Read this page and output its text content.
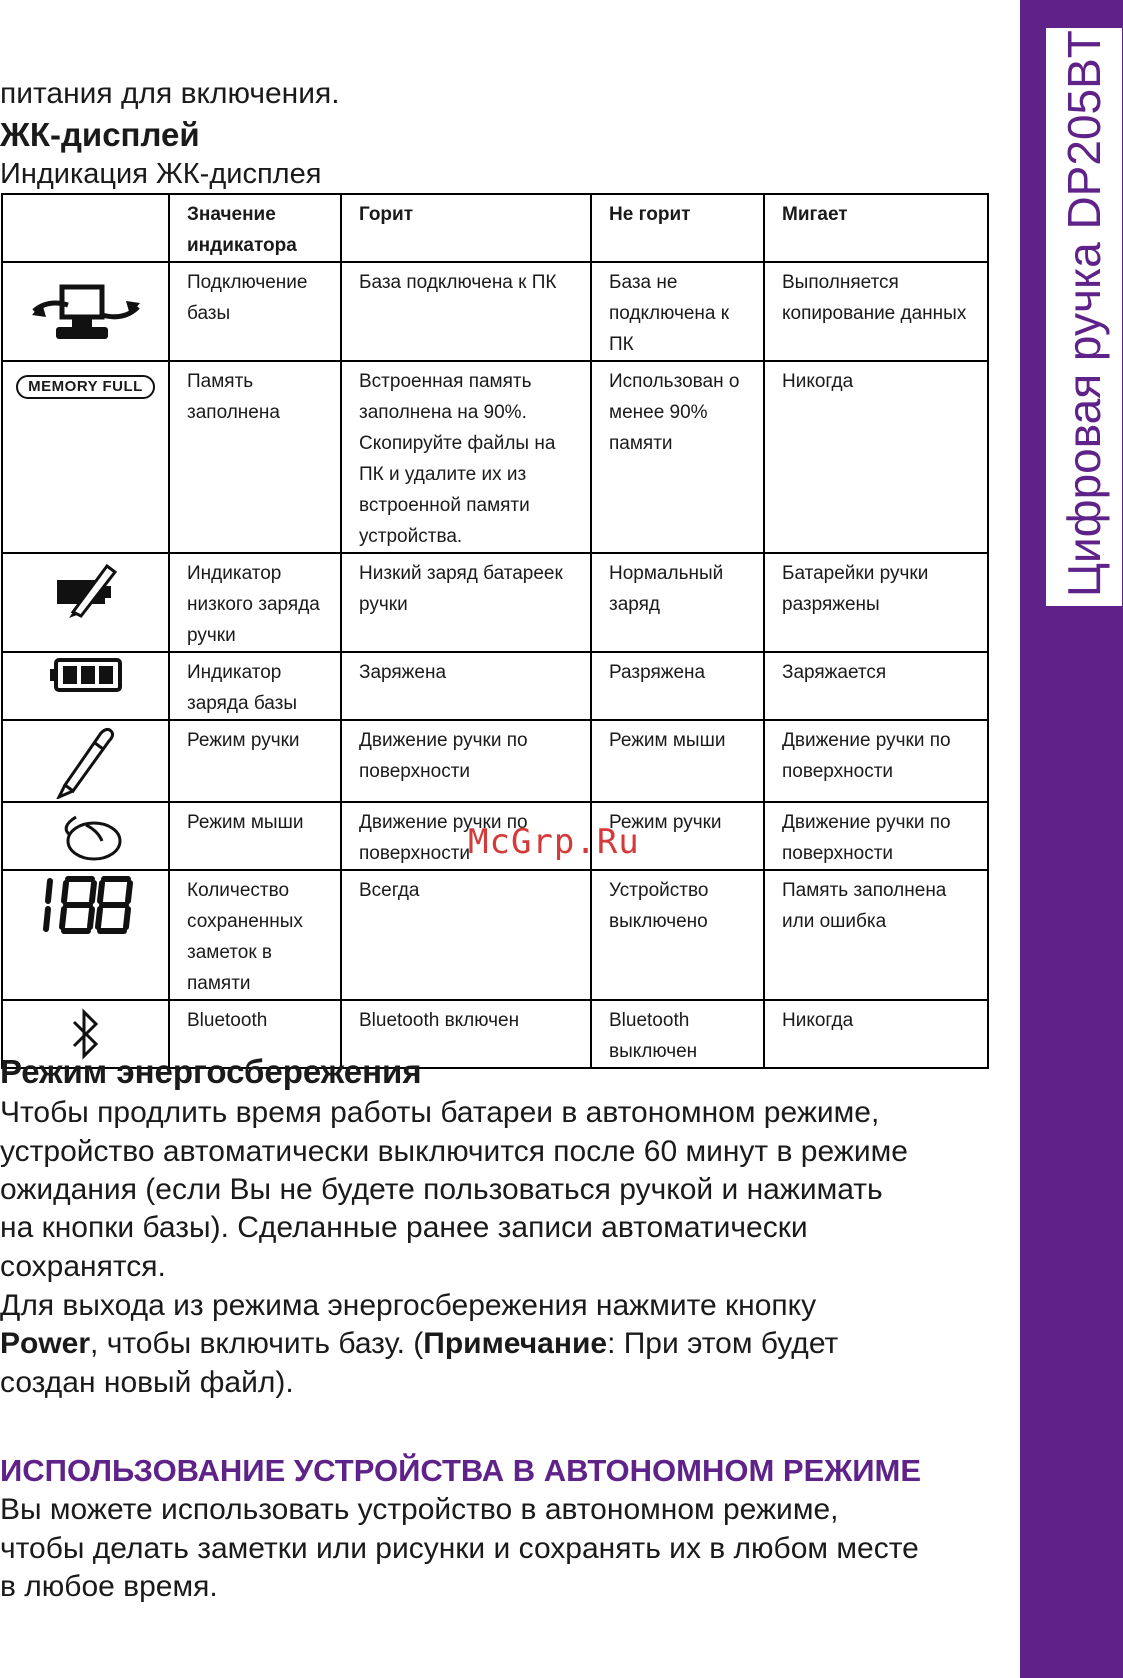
Цифровая ручка DP205BT

питания для включения.

ЖК-дисплей

Индикация ЖК-дисплея

	Значение индикатора	Горит	Не горит	Мигает

	Подключение базы	База подключена к ПК	База не подключена к ПК	Выполняется копирование данных
MEMORY FULL	Память заполнена	Встроенная память заполнена на 90%. Скопируйте файлы на ПК и удалите их из встроенной памяти устройства.	Использован о менее 90% памяти	Никогда

	Индикатор низкого заряда ручки	Низкий заряд батареек ручки	Нормальный заряд	Батарейки ручки разряжены

	Индикатор заряда базы	Заряжена	Разряжена	Заряжается

	Режим ручки	Движение ручки по поверхности	Режим мыши	Движение ручки по поверхности

	Режим мыши	Движение ручки по поверхности	Режим ручки	Движение ручки по поверхности

	Количество сохраненных заметок в памяти	Всегда	Устройство выключено	Память заполнена или ошибка

	Bluetooth	Bluetooth включен	Bluetooth выключен	Никогда
McGrp.Ru

Режим энергосбережения

Чтобы продлить время работы батареи в автономном режиме,

устройство автоматически выключится после 60 минут в режиме

ожидания (если Вы не будете пользоваться ручкой и нажимать

на кнопки базы). Сделанные ранее записи автоматически

сохранятся.

Для выхода из режима энергосбережения нажмите кнопку

Power, чтобы включить базу. (Примечание: При этом будет

создан новый файл).

ИСПОЛЬЗОВАНИЕ УСТРОЙСТВА В АВТОНОМНОМ РЕЖИМЕ

Вы можете использовать устройство в автономном режиме,

чтобы делать заметки или рисунки и сохранять их в любом месте

в любое время.
